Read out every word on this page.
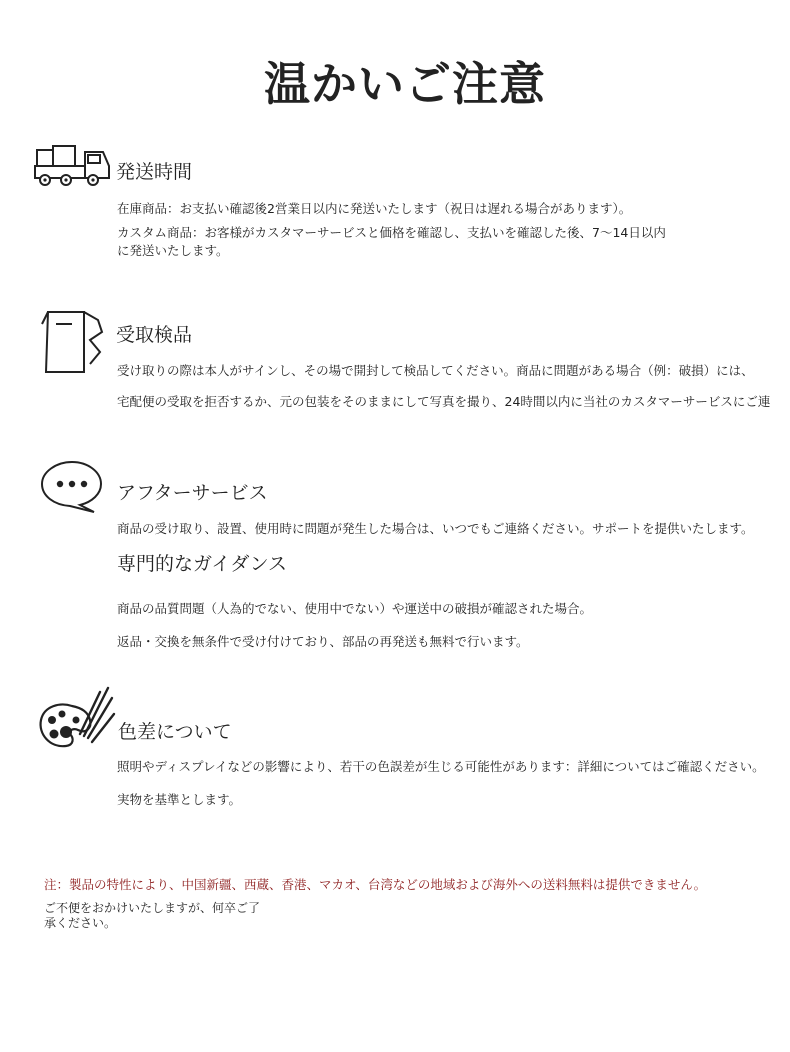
温かいご注意
発送時間
在庫商品：お支払い確認後2営業日以内に発送いたします（祝日は遅れる場合があります）。
カスタム商品：お客様がカスタマーサービスと価格を確認し、支払いを確認した後、7〜14日以内
に発送いたします。
受取検品
受け取りの際は本人がサインし、その場で開封して検品してください。商品に問題がある場合（例：破損）には、
宅配便の受取を拒否するか、元の包装をそのままにして写真を撮り、24時間以内に当社のカスタマーサービスにご連
アフターサービス
商品の受け取り、設置、使用時に問題が発生した場合は、いつでもご連絡ください。サポートを提供いたします。
専門的なガイダンス
商品の品質問題（人為的でない、使用中でない）や運送中の破損が確認された場合。
返品・交換を無条件で受け付けており、部品の再発送も無料で行います。
色差について
照明やディスプレイなどの影響により、若干の色誤差が生じる可能性があります：詳細についてはご確認ください。
実物を基準とします。
注：製品の特性により、中国新疆、西蔵、香港、マカオ、台湾などの地域および海外への送料無料は提供できません。
ご不便をおかけいたしますが、何卒ご了
承ください。
